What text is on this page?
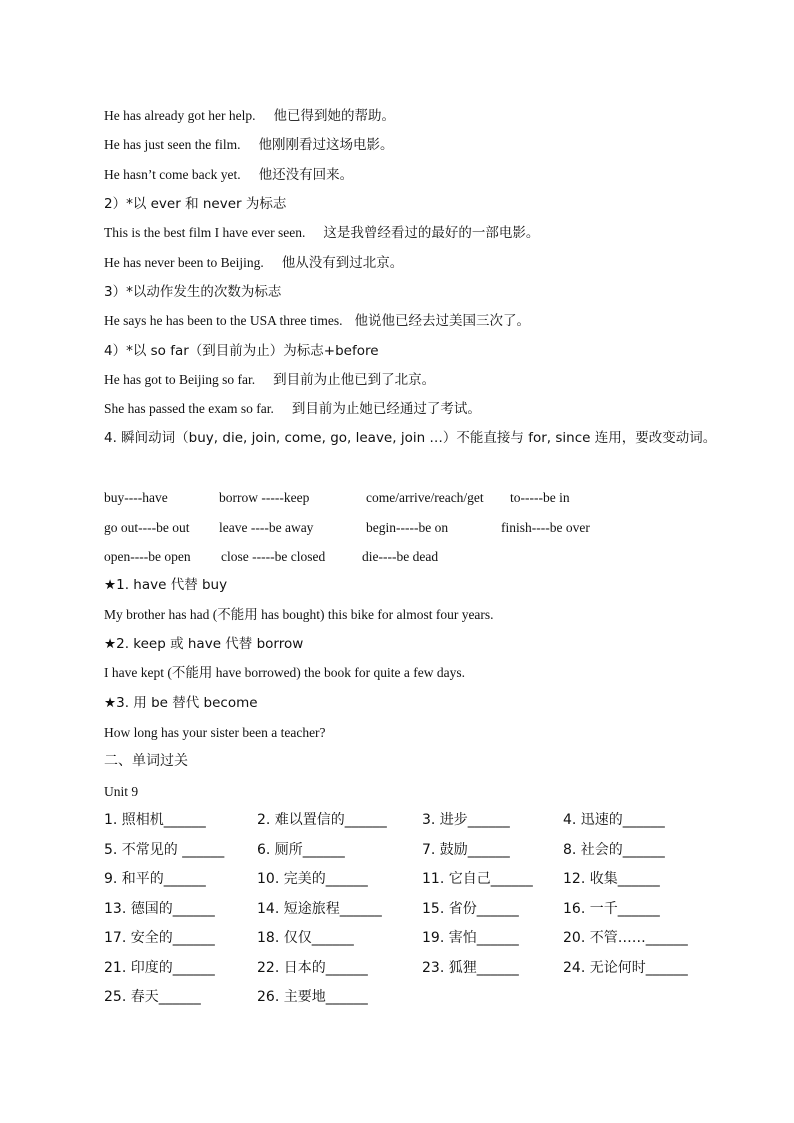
He has already got her help. 他已得到她的帮助。
He has just seen the film. 他刚刚看过这场电影。
He hasn’t come back yet. 他还没有回来。
2）*以 ever 和 never 为标志
This is the best film I have ever seen. 这是我曾经看过的最好的一部电影。
He has never been to Beijing. 他从没有到过北京。
3）*以动作发生的次数为标志
He says he has been to the USA three times. 他说他已经去过美国三次了。
4）*以 so far（到目前为止）为标志+before
He has got to Beijing so far. 到目前为止他已到了北京。
She has passed the exam so far. 到目前为止她已经通过了考试。
4. 瞬间动词（buy, die, join, come, go, leave, join …）不能直接与 for, since 连用，要改变动词。
buy----have	borrow -----keep	come/arrive/reach/get to-----be in
go out----be out leave ----be away	begin-----be on	finish----be over
open----be open close -----be closed	die----be dead
★1. have 代替 buy
My brother has had (不能用 has bought) this bike for almost four years.
★2. keep 或 have 代替 borrow
I have kept (不能用 have borrowed) the book for quite a few days.
★3. 用 be 替代 become
How long has your sister been a teacher?
二、单词过关
Unit 9
1. 照相机______	2. 难以置信的______	3. 进步______	4. 迅速的______
5. 不常见的 ______ 6. 厕所______	7. 鼓励______	8. 社会的______
9. 和平的______	10. 完美的______	11. 它自己______ 12. 收集______
13. 德国的______	14. 短途旅程______	15. 省份______	16. 一千______
17. 安全的______	18. 仅仅______	19. 害怕______	20. 不管……______
21. 印度的______	22. 日本的______	23. 狐狸______	24. 无论何时______
25. 春天______	26. 主要地______
